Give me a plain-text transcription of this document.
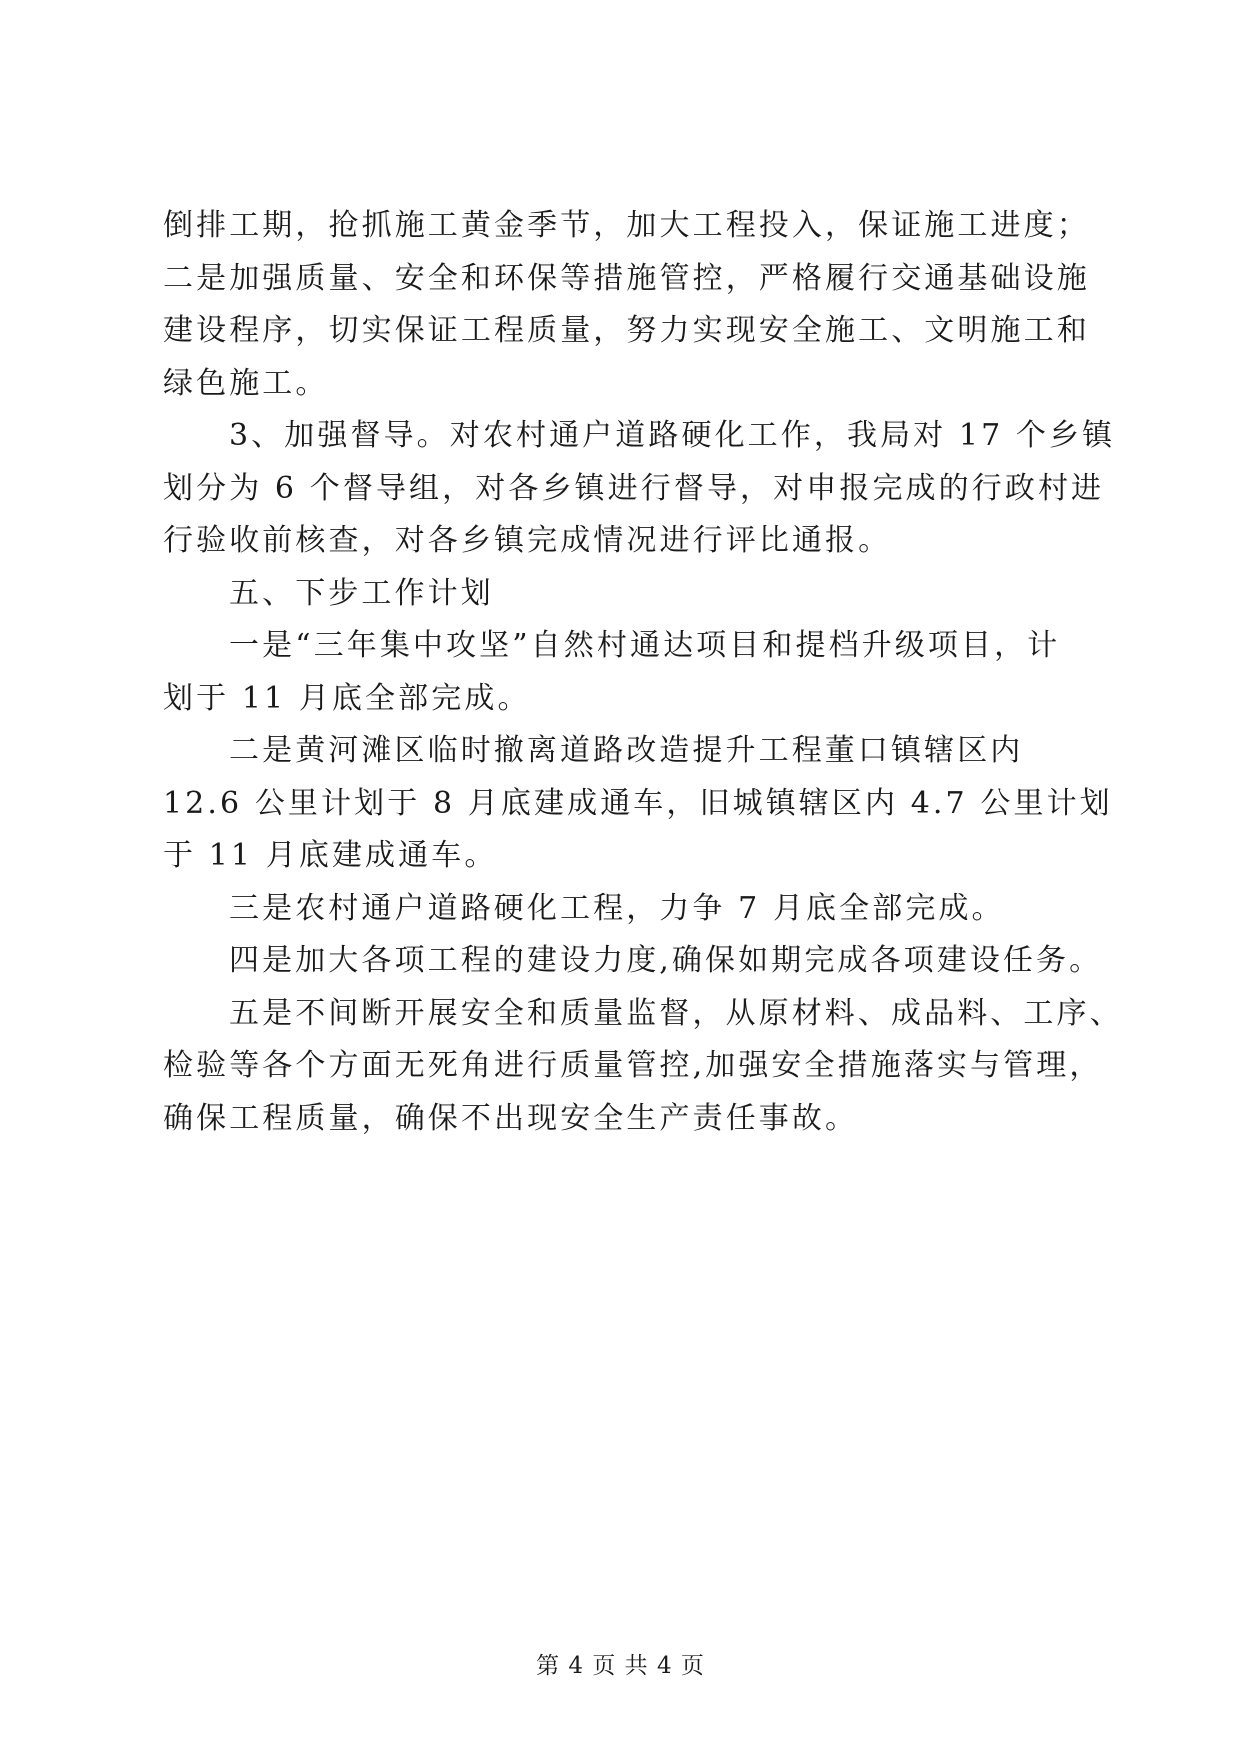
倒排工期，抢抓施工黄金季节，加大工程投入，保证施工进度；
二是加强质量、安全和环保等措施管控，严格履行交通基础设施
建设程序，切实保证工程质量，努力实现安全施工、文明施工和
绿色施工。

3、加强督导。对农村通户道路硬化工作，我局对 17 个乡镇
划分为 6 个督导组，对各乡镇进行督导，对申报完成的行政村进
行验收前核查，对各乡镇完成情况进行评比通报。

五、下步工作计划

一是“三年集中攻坚”自然村通达项目和提档升级项目，计
划于 11 月底全部完成。

二是黄河滩区临时撤离道路改造提升工程董口镇辖区内
12.6 公里计划于 8 月底建成通车，旧城镇辖区内 4.7 公里计划
于 11 月底建成通车。

三是农村通户道路硬化工程，力争 7 月底全部完成。

四是加大各项工程的建设力度,确保如期完成各项建设任务。

五是不间断开展安全和质量监督，从原材料、成品料、工序、
检验等各个方面无死角进行质量管控,加强安全措施落实与管理，
确保工程质量，确保不出现安全生产责任事故。

第 4 页 共 4 页
